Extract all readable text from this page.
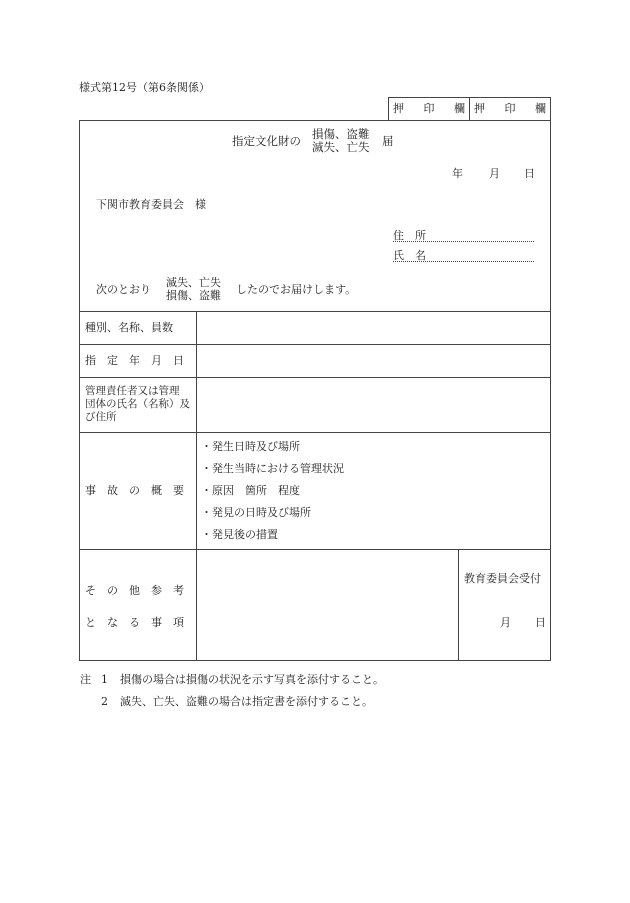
様式第12号（第6条関係）
押 印 欄 押 印 欄
指定文化財の 損傷、盗難
滅失、亡失 届
年 月 日
下関市教育委員会　様
住　所
氏　名
次のとおり
滅失、亡失
損傷、盗難 したのでお届けします。
種別、名称、員数
指　定　年　月　日
管理責任者又は管理
団体の氏名（名称）及
び住所
事　故　の　概　要
・発生日時及び場所
・発生当時における管理状況
・原因　箇所　程度
・発見の日時及び場所
・発見後の措置
そ　の　他　参　考
と　な　る　事　項
教育委員会受付
月 日
注 1 損傷の場合は損傷の状況を示す写真を添付すること。
2 滅失、亡失、盗難の場合は指定書を添付すること。
